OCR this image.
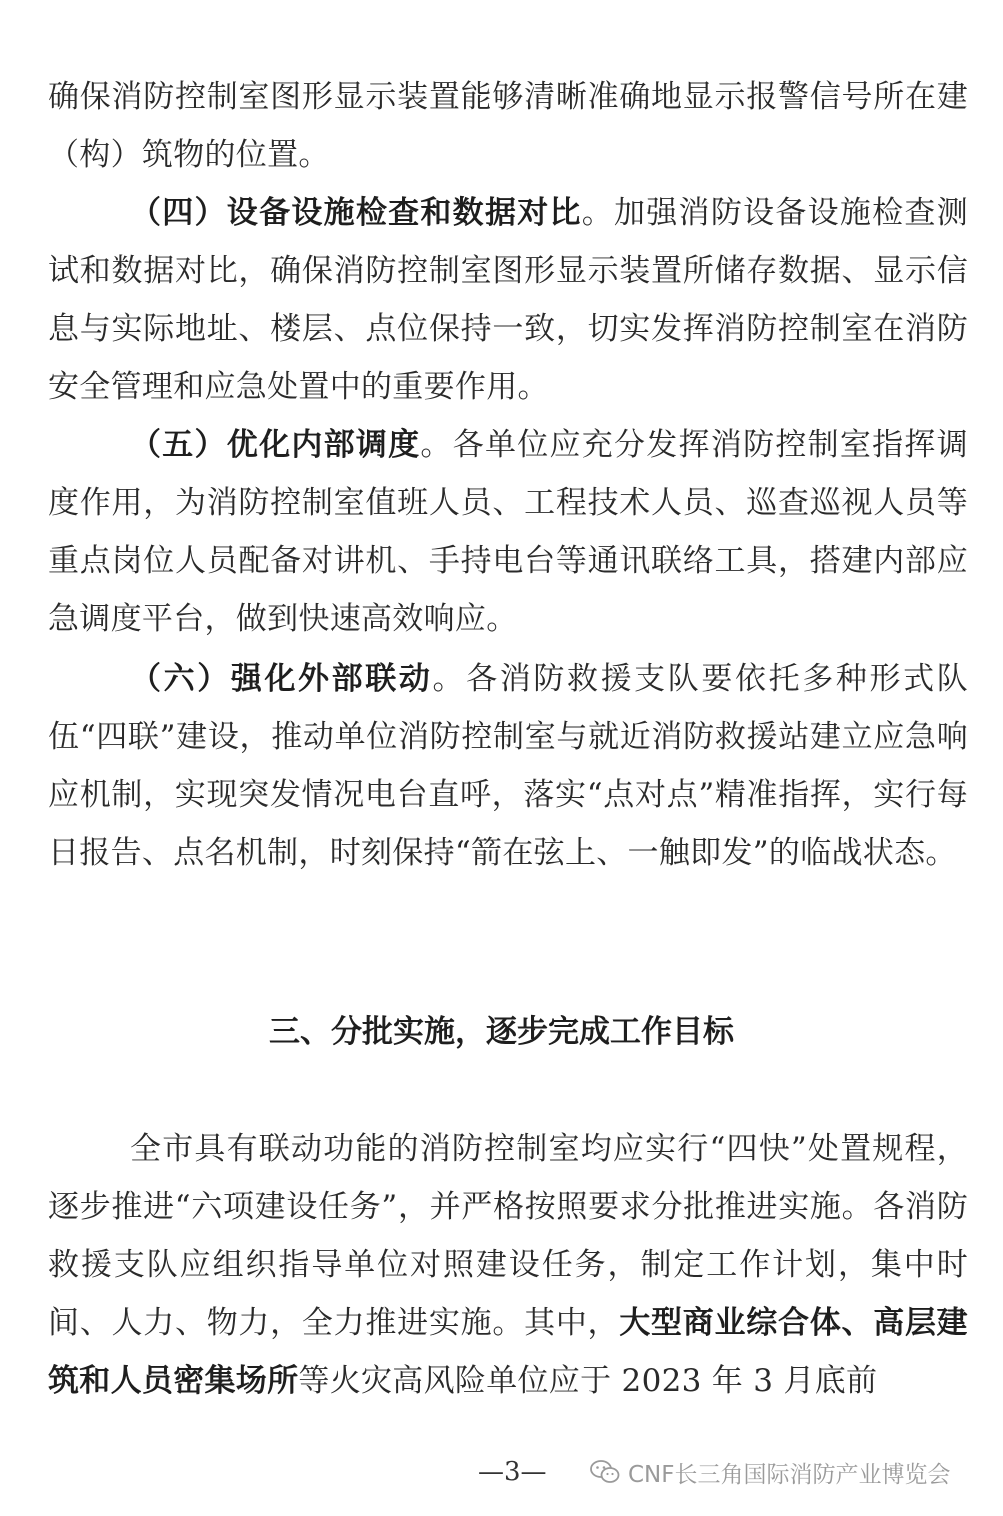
确保消防控制室图形显示装置能够清晰准确地显示报警信号所在建（构）筑物的位置。

（四）设备设施检查和数据对比。加强消防设备设施检查测试和数据对比，确保消防控制室图形显示装置所储存数据、显示信息与实际地址、楼层、点位保持一致，切实发挥消防控制室在消防安全管理和应急处置中的重要作用。

（五）优化内部调度。各单位应充分发挥消防控制室指挥调度作用，为消防控制室值班人员、工程技术人员、巡查巡视人员等重点岗位人员配备对讲机、手持电台等通讯联络工具，搭建内部应急调度平台，做到快速高效响应。

（六）强化外部联动。各消防救援支队要依托多种形式队伍“四联”建设，推动单位消防控制室与就近消防救援站建立应急响应机制，实现突发情况电台直呼，落实“点对点”精准指挥，实行每日报告、点名机制，时刻保持“箭在弦上、一触即发”的临战状态。

三、分批实施，逐步完成工作目标

全市具有联动功能的消防控制室均应实行“四快”处置规程，逐步推进“六项建设任务”，并严格按照要求分批推进实施。各消防救援支队应组织指导单位对照建设任务，制定工作计划，集中时间、人力、物力，全力推进实施。其中，大型商业综合体、高层建筑和人员密集场所等火灾高风险单位应于 2023 年 3 月底前

—3—	CNF长三角国际消防产业博览会
